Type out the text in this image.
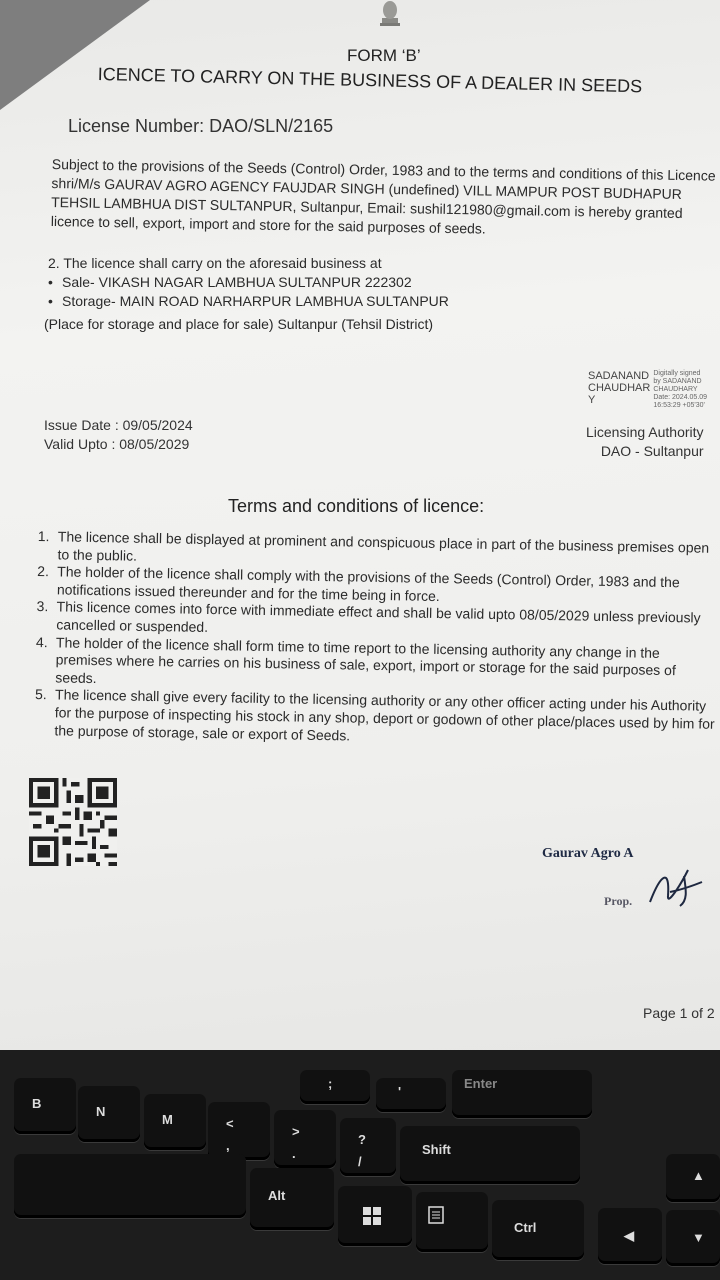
FORM ‘B’
ICENCE TO CARRY ON THE BUSINESS OF A DEALER IN SEEDS
License Number: DAO/SLN/2165
Subject to the provisions of the Seeds (Control) Order, 1983 and to the terms and conditions of this Licence shri/M/s GAURAV AGRO AGENCY FAUJDAR SINGH (undefined) VILL MAMPUR POST BUDHAPUR TEHSIL LAMBHUA DIST SULTANPUR, Sultanpur, Email: sushil121980@gmail.com is hereby granted licence to sell, export, import and store for the said purposes of seeds.
2. The licence shall carry on the aforesaid business at
• Sale- VIKASH NAGAR LAMBHUA SULTANPUR 222302
• Storage- MAIN ROAD NARHARPUR LAMBHUA SULTANPUR
(Place for storage and place for sale) Sultanpur (Tehsil District)
SADANAND
CHAUDHAR
Y
Digitally signed
by SADANAND
CHAUDHARY
Date: 2024.05.09
16:53:29 +05'30'
Issue Date : 09/05/2024
Valid Upto : 08/05/2029
Licensing Authority
DAO - Sultanpur
Terms and conditions of licence:
1. The licence shall be displayed at prominent and conspicuous place in part of the business premises open to the public.
2. The holder of the licence shall comply with the provisions of the Seeds (Control) Order, 1983 and the notifications issued thereunder and for the time being in force.
3. This licence comes into force with immediate effect and shall be valid upto 08/05/2029 unless previously cancelled or suspended.
4. The holder of the licence shall form time to time report to the licensing authority any change in the premises where he carries on his business of sale, export, import or storage for the said purposes of seeds.
5. The licence shall give every facility to the licensing authority or any other officer acting under his Authority for the purpose of inspecting his stock in any shop, deport or godown of other place/places used by him for the purpose of storage, sale or export of Seeds.
Gaurav Agro A
Prop.
Page 1 of 2
B
N
M	<
,
>
.
?
/
;
'
Enter
Shift
Alt
Ctrl
▲
◀	▼
